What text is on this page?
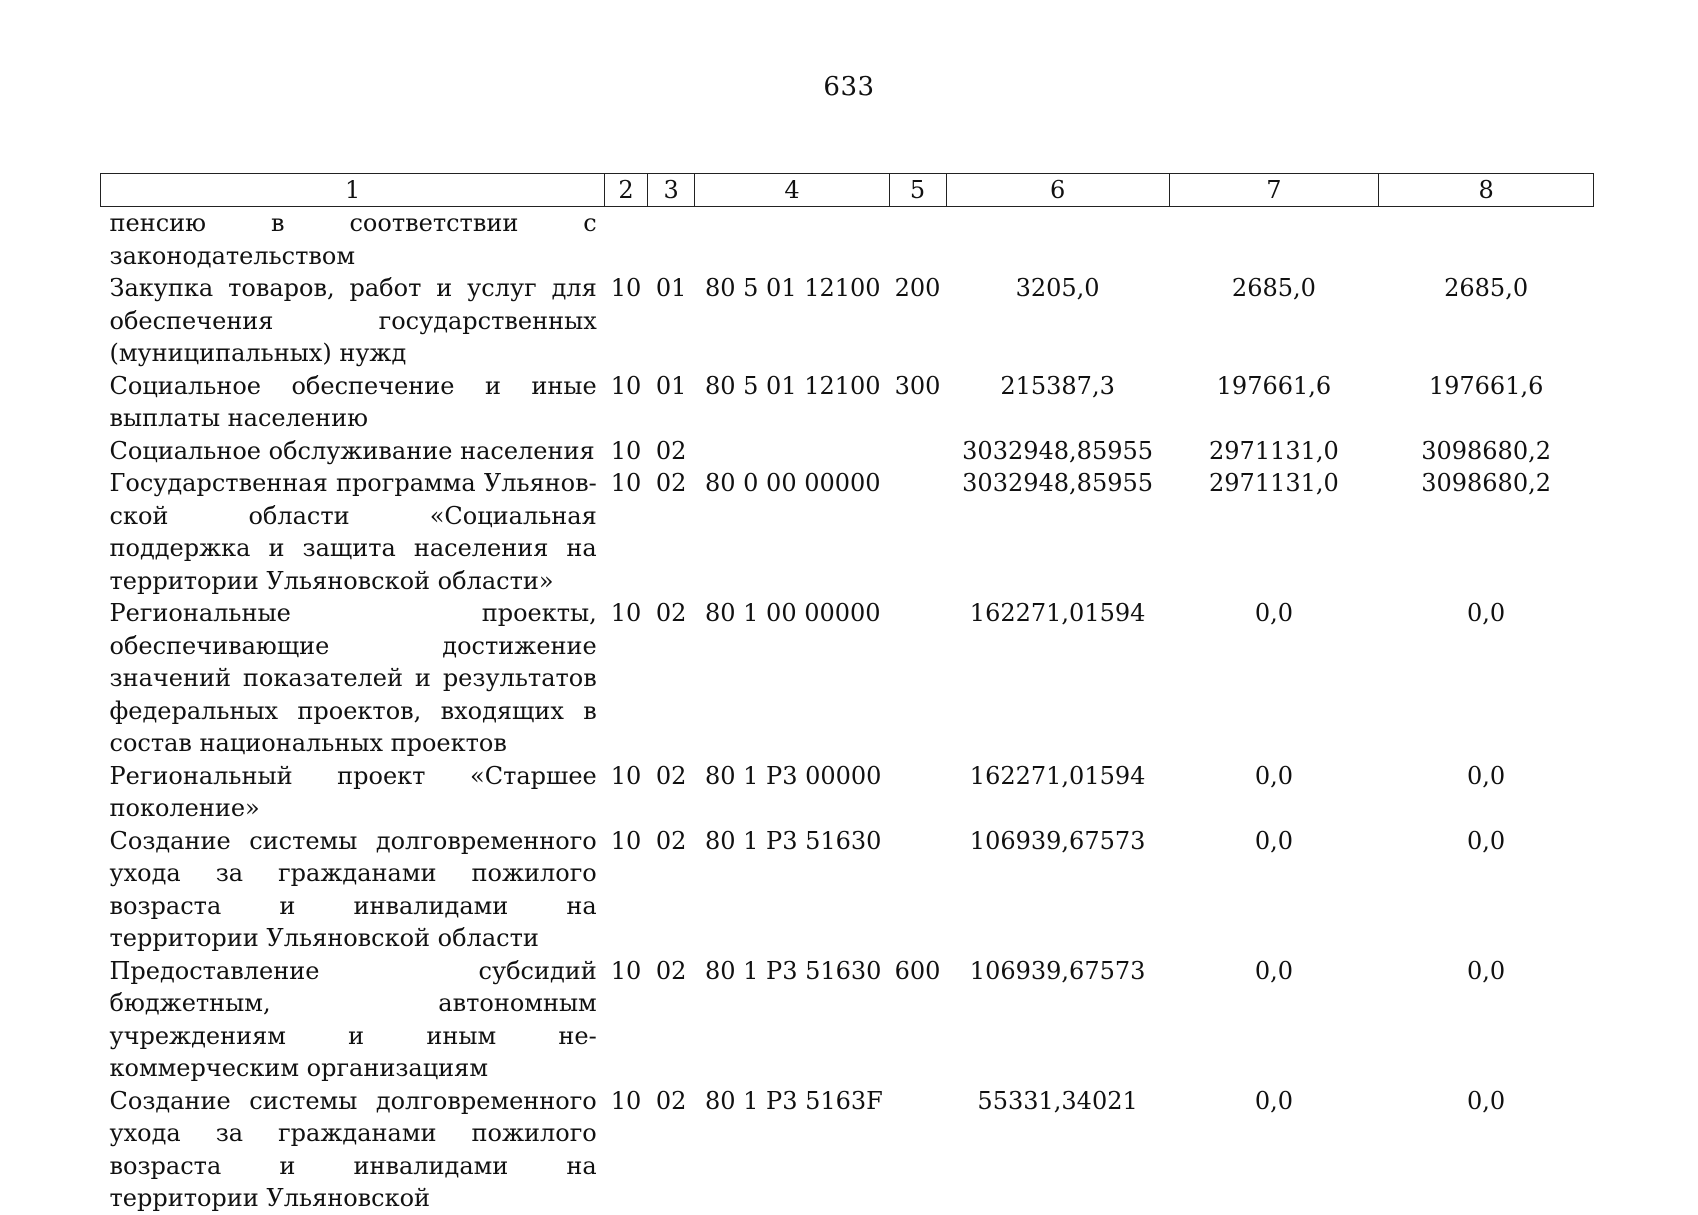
633
1	2	3	4	5	6	7	8
пенсию в соответствии с законодательством							
Закупка товаров, работ и услуг для обеспечения государственных (муниципальных) нужд	10	01	80 5 01 12100	200	3205,0	2685,0	2685,0
Социальное обеспечение и иные выплаты населению	10	01	80 5 01 12100	300	215387,3	197661,6	197661,6
Социальное обслуживание населения	10	02			3032948,85955	2971131,0	3098680,2
Государственная программа Ульяновской области «Социальная поддержка и защита населения на территории Ульяновской области»	10	02	80 0 00 00000		3032948,85955	2971131,0	3098680,2
Региональные проекты, обеспечивающие достижение значений показателей и результатов федеральных проектов, входящих в состав национальных проектов	10	02	80 1 00 00000		162271,01594	0,0	0,0
Региональный проект «Старшее поколение»	10	02	80 1 P3 00000		162271,01594	0,0	0,0
Создание системы долговременного ухода за гражданами пожилого возраста и инвалидами на территории Ульяновской области	10	02	80 1 P3 51630		106939,67573	0,0	0,0
Предоставление субсидий бюджетным, автономным учреждениям и иным некоммерческим организациям	10	02	80 1 P3 51630	600	106939,67573	0,0	0,0
Создание системы долговременного ухода за гражданами пожилого возраста и инвалидами на территории Ульяновской	10	02	80 1 P3 5163F		55331,34021	0,0	0,0
